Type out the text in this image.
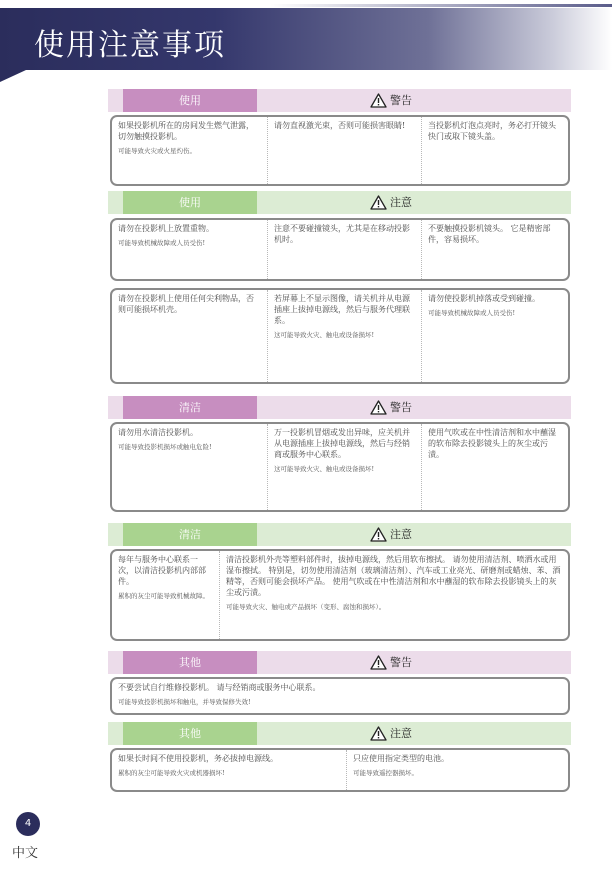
使用注意事项
使用	警告
如果投影机所在的房间发生燃气泄露，切勿触摸投影机。
可能导致火灾或火星灼伤。
请勿直视激光束，否则可能损害眼睛!	当投影机灯泡点亮时，务必打开镜头快门或取下镜头盖。
使用	注意
请勿在投影机上放置重物。
可能导致机械故障或人员受伤!
注意不要碰撞镜头，尤其是在移动投影机时。
不要触摸投影机镜头。 它是精密部件，容易损坏。
请勿在投影机上使用任何尖利物品，否则可能损坏机壳。
若屏幕上不显示图像，请关机并从电源插座上拔掉电源线，然后与服务代理联系。
这可能导致火灾、触电或设备损坏!
请勿使投影机掉落或受到碰撞。
可能导致机械故障或人员受伤!
清洁	警告
请勿用水清洁投影机。
可能导致投影机损坏或触电危险!
万一投影机冒烟或发出异味，应关机并从电源插座上拔掉电源线，然后与经销商或服务中心联系。
这可能导致火灾、触电或设备损坏!
使用气吹或在中性清洁剂和水中蘸湿的软布除去投影镜头上的灰尘或污渍。
清洁	注意
每年与服务中心联系一次，以清洁投影机内部部件。
累积的灰尘可能导致机械故障。
清洁投影机外壳等塑料部件时，拔掉电源线，然后用软布擦拭。 请勿使用清洁剂、喷洒水或用湿布擦拭。 特别是，切勿使用清洁剂（玻璃清洁剂）、汽车或工业亮光、研磨剂或蜡烛、苯、酒精等，否则可能会损坏产品。 使用气吹或在中性清洁剂和水中蘸湿的软布除去投影镜头上的灰尘或污渍。
可能导致火灾、触电或产品损坏（变形、腐蚀和损坏）。
其他	警告
不要尝试自行维修投影机。 请与经销商或服务中心联系。
可能导致投影机损坏和触电，并导致保修失效!
其他	注意
如果长时间不使用投影机，务必拔掉电源线。
累积的灰尘可能导致火灾或机器损坏!
只应使用指定类型的电池。
可能导致遥控器损坏。
4
中文
